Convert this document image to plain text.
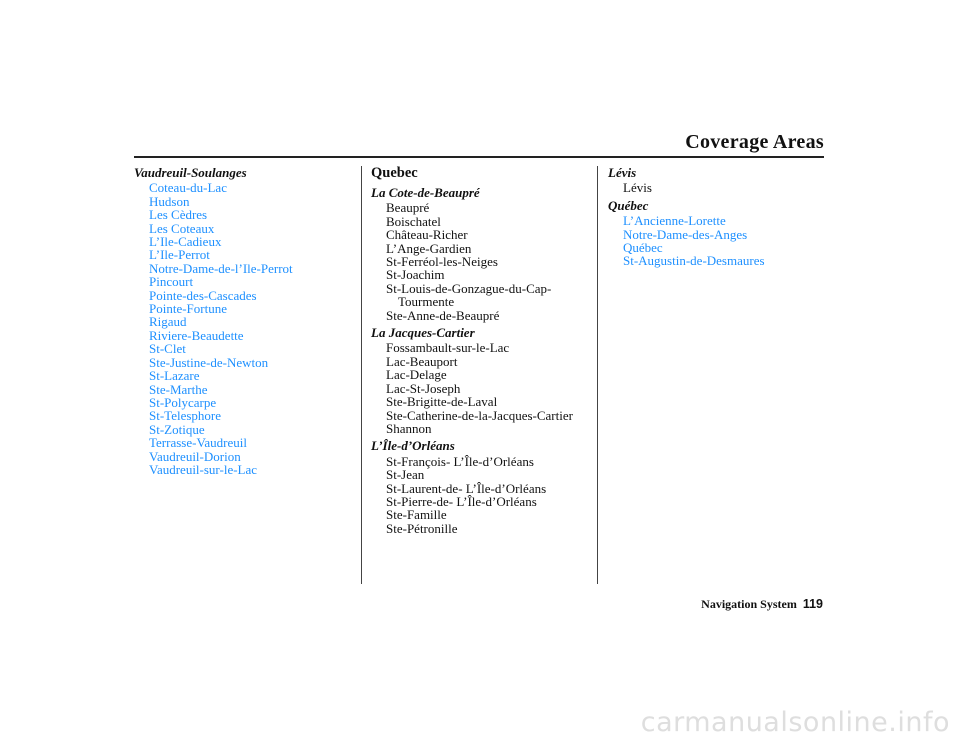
Coverage Areas
Vaudreuil-Soulanges
Coteau-du-Lac
Hudson
Les Cèdres
Les Coteaux
L’Ile-Cadieux
L’Ile-Perrot
Notre-Dame-de-l’Ile-Perrot
Pincourt
Pointe-des-Cascades
Pointe-Fortune
Rigaud
Riviere-Beaudette
St-Clet
Ste-Justine-de-Newton
St-Lazare
Ste-Marthe
St-Polycarpe
St-Telesphore
St-Zotique
Terrasse-Vaudreuil
Vaudreuil-Dorion
Vaudreuil-sur-le-Lac
Quebec
La Cote-de-Beaupré
Beaupré
Boischatel
Château-Richer
L’Ange-Gardien
St-Ferréol-les-Neiges
St-Joachim
St-Louis-de-Gonzague-du-Cap-
Tourmente
Ste-Anne-de-Beaupré
La Jacques-Cartier
Fossambault-sur-le-Lac
Lac-Beauport
Lac-Delage
Lac-St-Joseph
Ste-Brigitte-de-Laval
Ste-Catherine-de-la-Jacques-Cartier
Shannon
L’Île-d’Orléans
St-François- L’Île-d’Orléans
St-Jean
St-Laurent-de- L’Île-d’Orléans
St-Pierre-de- L’Île-d’Orléans
Ste-Famille
Ste-Pétronille
Lévis
Lévis
Québec
L’Ancienne-Lorette
Notre-Dame-des-Anges
Québec
St-Augustin-de-Desmaures
Navigation System 119
carmanualsonline.info
